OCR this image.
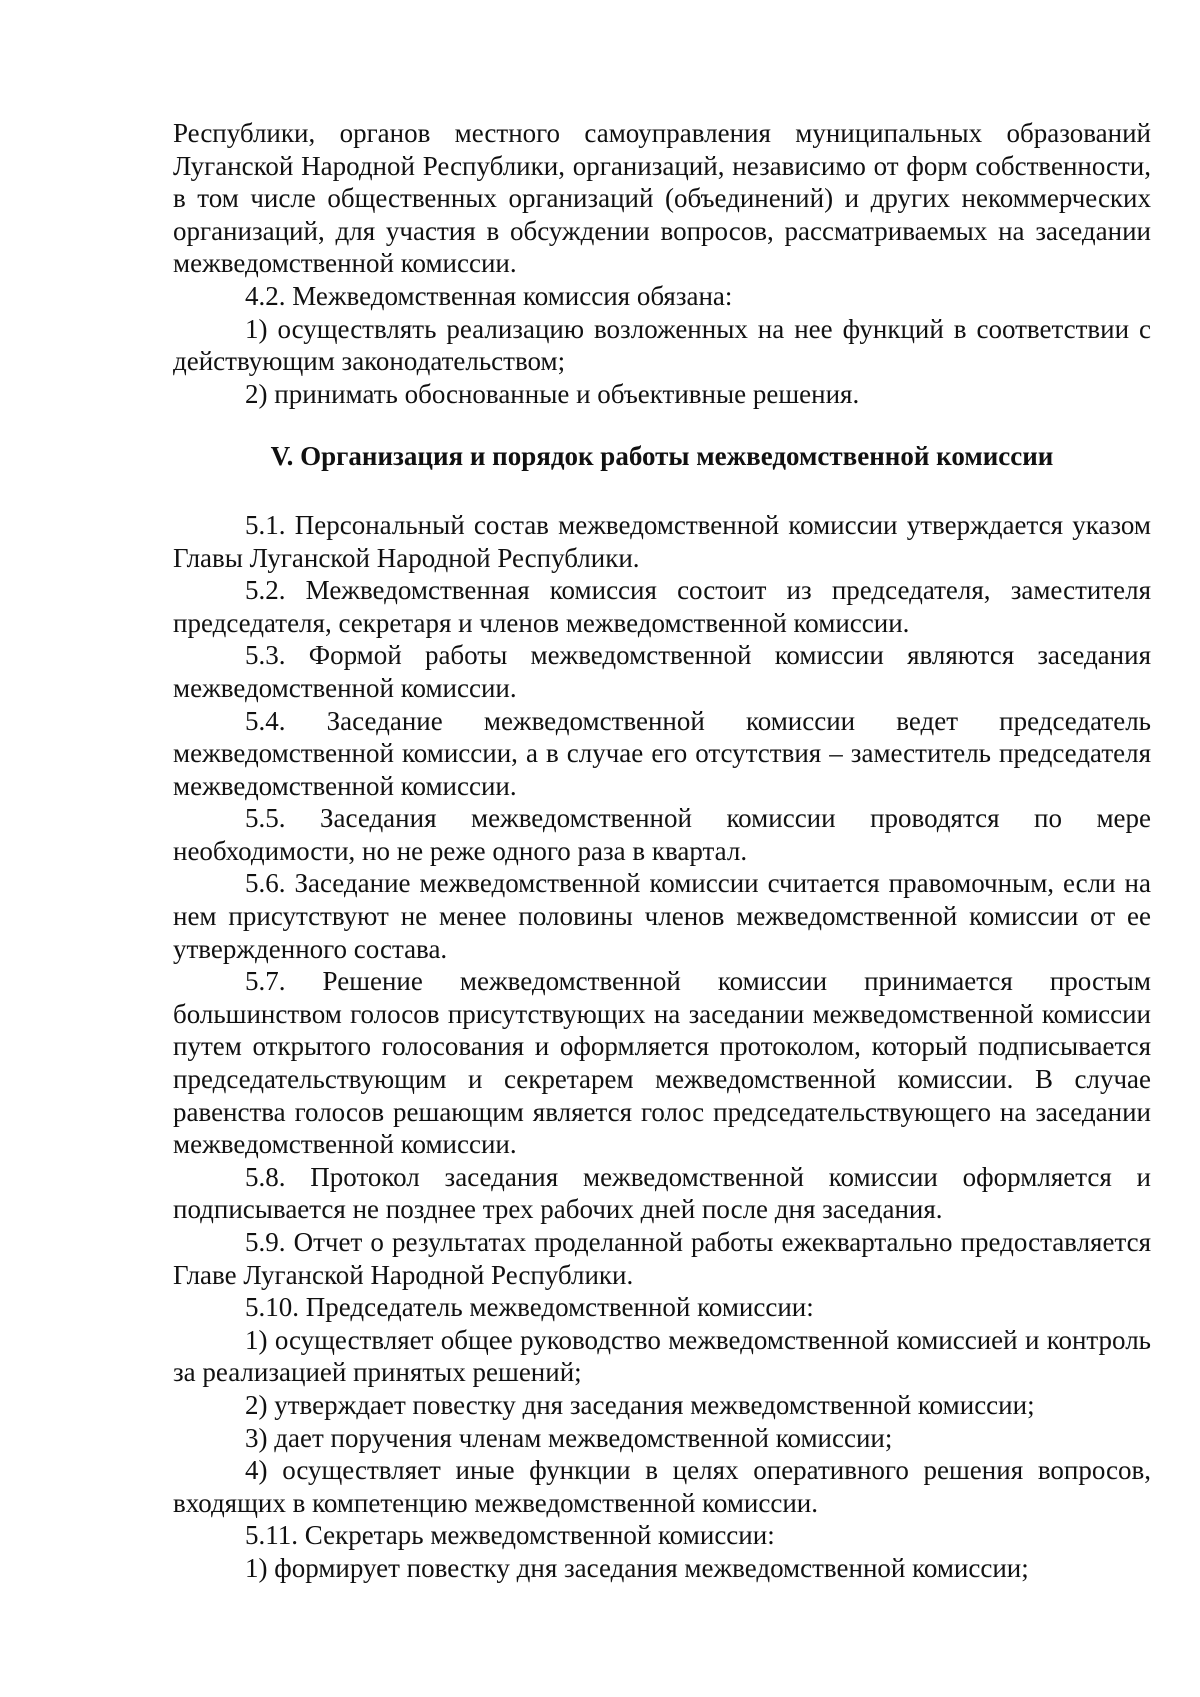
Республики, органов местного самоуправления муниципальных образований Луганской Народной Республики, организаций, независимо от форм собственности, в том числе общественных организаций (объединений) и других некоммерческих организаций, для участия в обсуждении вопросов, рассматриваемых на заседании межведомственной комиссии.

4.2. Межведомственная комиссия обязана:

1) осуществлять реализацию возложенных на нее функций в соответствии с действующим законодательством;

2) принимать обоснованные и объективные решения.

V. Организация и порядок работы межведомственной комиссии

5.1. Персональный состав межведомственной комиссии утверждается указом Главы Луганской Народной Республики.

5.2. Межведомственная комиссия состоит из председателя, заместителя председателя, секретаря и членов межведомственной комиссии.

5.3. Формой работы межведомственной комиссии являются заседания межведомственной комиссии.

5.4. Заседание межведомственной комиссии ведет председатель межведомственной комиссии, а в случае его отсутствия – заместитель председателя межведомственной комиссии.

5.5. Заседания межведомственной комиссии проводятся по мере необходимости, но не реже одного раза в квартал.

5.6. Заседание межведомственной комиссии считается правомочным, если на нем присутствуют не менее половины членов межведомственной комиссии от ее утвержденного состава.

5.7. Решение межведомственной комиссии принимается простым большинством голосов присутствующих на заседании межведомственной комиссии путем открытого голосования и оформляется протоколом, который подписывается председательствующим и секретарем межведомственной комиссии. В случае равенства голосов решающим является голос председательствующего на заседании межведомственной комиссии.

5.8. Протокол заседания межведомственной комиссии оформляется и подписывается не позднее трех рабочих дней после дня заседания.

5.9. Отчет о результатах проделанной работы ежеквартально предоставляется Главе Луганской Народной Республики.

5.10. Председатель межведомственной комиссии:

1) осуществляет общее руководство межведомственной комиссией и контроль за реализацией принятых решений;

2) утверждает повестку дня заседания межведомственной комиссии;

3) дает поручения членам межведомственной комиссии;

4) осуществляет иные функции в целях оперативного решения вопросов, входящих в компетенцию межведомственной комиссии.

5.11. Секретарь межведомственной комиссии:

1) формирует повестку дня заседания межведомственной комиссии;
